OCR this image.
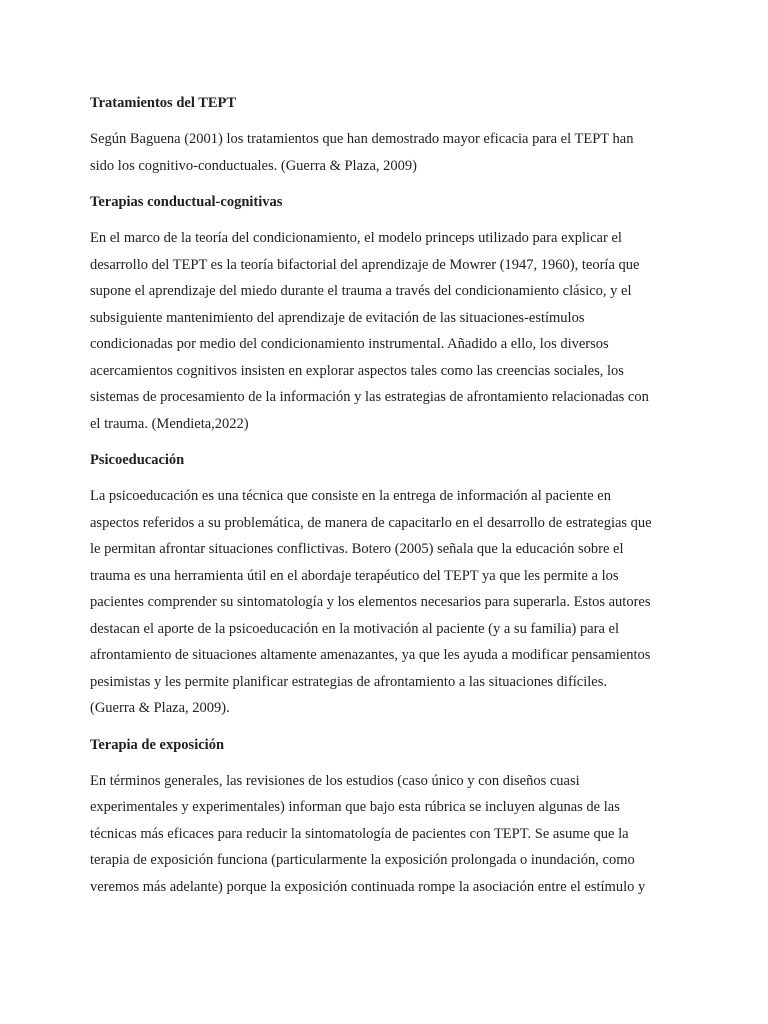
Tratamientos del TEPT
Según Baguena (2001) los tratamientos que han demostrado mayor eficacia para el TEPT han
sido los cognitivo-conductuales. (Guerra & Plaza, 2009)
Terapias conductual-cognitivas
En el marco de la teoría del condicionamiento, el modelo princeps utilizado para explicar el
desarrollo del TEPT es la teoría bifactorial del aprendizaje de Mowrer (1947, 1960), teoría que
supone el aprendizaje del miedo durante el trauma a través del condicionamiento clásico, y el
subsiguiente mantenimiento del aprendizaje de evitación de las situaciones-estímulos
condicionadas por medio del condicionamiento instrumental. Añadido a ello, los diversos
acercamientos cognitivos insisten en explorar aspectos tales como las creencias sociales, los
sistemas de procesamiento de la información y las estrategias de afrontamiento relacionadas con
el trauma. (Mendieta,2022)
Psicoeducación
La psicoeducación es una técnica que consiste en la entrega de información al paciente en
aspectos referidos a su problemática, de manera de capacitarlo en el desarrollo de estrategias que
le permitan afrontar situaciones conflictivas. Botero (2005) señala que la educación sobre el
trauma es una herramienta útil en el abordaje terapéutico del TEPT ya que les permite a los
pacientes comprender su sintomatología y los elementos necesarios para superarla. Estos autores
destacan el aporte de la psicoeducación en la motivación al paciente (y a su familia) para el
afrontamiento de situaciones altamente amenazantes, ya que les ayuda a modificar pensamientos
pesimistas y les permite planificar estrategias de afrontamiento a las situaciones difíciles.
(Guerra & Plaza, 2009).
Terapia de exposición
En términos generales, las revisiones de los estudios (caso único y con diseños cuasi
experimentales y experimentales) informan que bajo esta rúbrica se incluyen algunas de las
técnicas más eficaces para reducir la sintomatología de pacientes con TEPT. Se asume que la
terapia de exposición funciona (particularmente la exposición prolongada o inundación, como
veremos más adelante) porque la exposición continuada rompe la asociación entre el estímulo y
